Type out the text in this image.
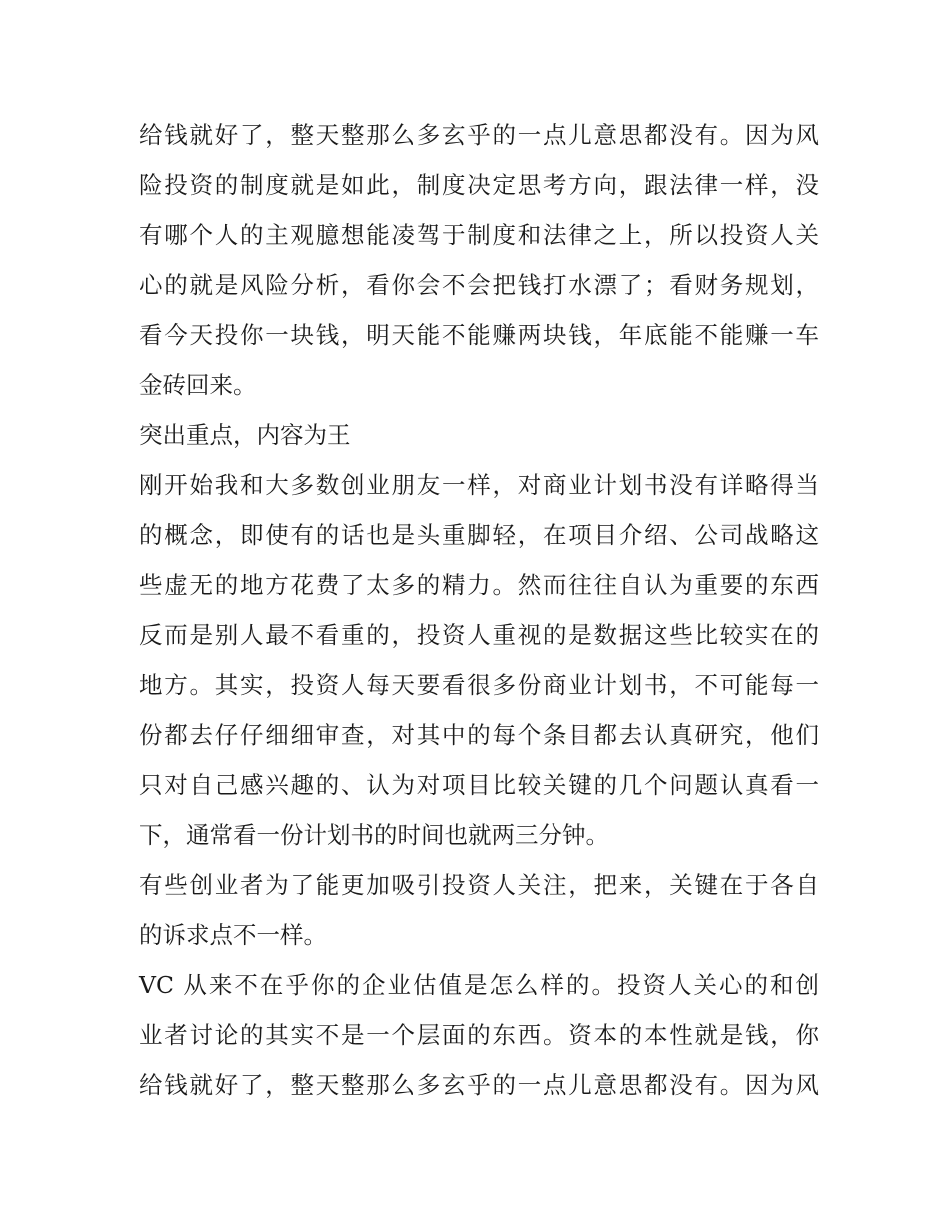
给钱就好了，整天整那么多玄乎的一点儿意思都没有。因为风
险投资的制度就是如此，制度决定思考方向，跟法律一样，没
有哪个人的主观臆想能凌驾于制度和法律之上，所以投资人关
心的就是风险分析，看你会不会把钱打水漂了；看财务规划，
看今天投你一块钱，明天能不能赚两块钱，年底能不能赚一车
金砖回来。
突出重点，内容为王
刚开始我和大多数创业朋友一样，对商业计划书没有详略得当
的概念，即使有的话也是头重脚轻，在项目介绍、公司战略这
些虚无的地方花费了太多的精力。然而往往自认为重要的东西
反而是别人最不看重的，投资人重视的是数据这些比较实在的
地方。其实，投资人每天要看很多份商业计划书，不可能每一
份都去仔仔细细审查，对其中的每个条目都去认真研究，他们
只对自己感兴趣的、认为对项目比较关键的几个问题认真看一
下，通常看一份计划书的时间也就两三分钟。
有些创业者为了能更加吸引投资人关注，把来，关键在于各自
的诉求点不一样。
VC 从来不在乎你的企业估值是怎么样的。投资人关心的和创
业者讨论的其实不是一个层面的东西。资本的本性就是钱，你
给钱就好了，整天整那么多玄乎的一点儿意思都没有。因为风
